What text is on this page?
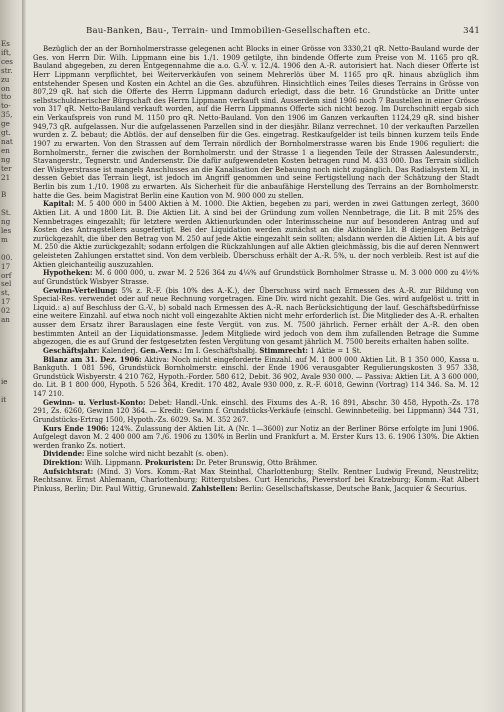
Es
ift,
ces
str.
zu
on
tto
to-
35,
ge
gt.
nat
en
ng
ter
21

B

St.
ng
les
m

00.
17
orf
sel
st,
17
02
an

ie

it

Bau-Banken, Bau-, Terrain- und Immobilien-Gesellschaften etc.	341

Bezüglich der an der Bornholmerstrasse gelegenen acht Blocks in einer Grösse von 3330,21 qR. Netto-Bauland wurde der Ges. von Herrn Dir. Wilh. Lippmann eine bis 1./1. 1909 getilgte, ihn bindende Offerte zum Preise von M. 1165 pro qR. Bauland abgegeben, zu deren Entgegennahme die a.o. G.-V. v. 12./4. 1906 den A.-R. autorisiert hat. Nach dieser Offerte ist Herr Lippmann verpflichtet, bei Weiterverkäufen von seinem Mehrerlös über M. 1165 pro qR. hinaus abzüglich ihm entstehender Spesen und Kosten ein Achtel an die Ges. abzuführen. Hinsichtlich eines Teiles dieses Terrains in Grösse von 807,29 qR. hat sich die Offerte des Herrn Lippmann dadurch erledigt, dass die betr. 16 Grundstücke an Dritte unter selbstschuldnerischer Bürgschaft des Herrn Lippmann verkauft sind. Ausserdem sind 1906 noch 7 Baustellen in einer Grösse von 317 qR. Netto-Bauland verkauft worden, auf die Herrn Lippmanns Offerte sich nicht bezog. Im Durchschnitt ergab sich ein Verkaufspreis von rund M. 1150 pro qR. Netto-Bauland. Von den 1906 im Ganzen verkauften 1124,29 qR. sind bisher 949,73 qR. aufgelassen. Nur die aufgelassenen Parzellen sind in der diesjähr. Bilanz verrechnet. 10 der verkauften Parzellen wurden z. Z. bebaut; die Abtlös. der auf denselben für die Ges. eingetrag. Restkaufgelder ist teils binnen kurzem teils Ende 1907 zu erwarten. Von den Strassen auf dem Terrain nördlich der Bornholmerstrasse waren bis Ende 1906 reguliert: die Bornholmerstr., ferner die zwischen der Bornholmerstr. und der Strasse 1 a liegenden Teile der Strassen Aalesunderstr., Stavangerstr., Tegnerstr. und Andersenstr. Die dafür aufgewendeten Kosten betragen rund M. 433 000. Das Terrain südlich der Wisbyerstrasse ist mangels Anschlusses an die Kanalisation der Bebauung noch nicht zugänglich. Das Radialsystem XI, in dessen Gebiet das Terrain liegt, ist jedoch im Angriff genommen und seine Fertigstellung nach der Schätzung der Stadt Berlin bis zum 1./10. 1908 zu erwarten. Als Sicherheit für die anbaufähige Herstellung des Terrains an der Bornholmerstr. hatte die Ges. beim Magistrat Berlin eine Kaution von M. 900 000 zu stellen.

Kapital: M. 5 400 000 in 5400 Aktien à M. 1000. Die Aktien, begeben zu pari, werden in zwei Gattungen zerlegt, 3600 Aktien Lit. A und 1800 Lit. B. Die Aktien Lit. A sind bei der Gründung zum vollen Nennbetrage, die Lit. B mit 25% des Nennbetrages eingezahlt; für letztere werden Aktienurkunden oder Interimsscheine nur auf besonderen Antrag und auf Kosten des Antragstellers ausgefertigt. Bei der Liquidation werden zunächst an die Aktionäre Lit. B diejenigen Beträge zurückgezahlt, die über den Betrag von M. 250 auf jede Aktie eingezahlt sein sollten; alsdann werden die Aktien Lit. A bis auf M. 250 die Aktie zurückgezahlt; sodann erfolgen die Rückzahlungen auf alle Aktien gleichmässig, bis die auf deren Nennwert geleisteten Zahlungen erstattet sind. Von dem verbleib. Überschuss erhält der A.-R. 5%, u. der noch verbleib. Rest ist auf die Aktien gleichanteilig auszuzahlen.

Hypotheken: M. 6 000 000, u. zwar M. 2 526 364 zu 4¼% auf Grundstück Bornholmer Strasse u. M. 3 000 000 zu 4½% auf Grundstück Wisbyer Strasse.

Gewinn-Verteilung: 5% z. R.-F. (bis 10% des A.-K.), der Überschuss wird nach Ermessen des A.-R. zur Bildung von Special-Res. verwendet oder auf neue Rechnung vorgetragen. Eine Div. wird nicht gezahlt. Die Ges. wird aufgelöst u. tritt in Liquid.: a) auf Beschluss der G.-V., b) sobald nach Ermessen des A.-R. nach Berücksichtigung der lauf. Geschäftsbedürfnisse eine weitere Einzahl. auf etwa noch nicht voll eingezahlte Aktien nicht mehr erforderlich ist. Die Mitglieder des A.-R. erhalten ausser dem Ersatz ihrer Barauslagen eine feste Vergüt. von zus. M. 7500 jährlich. Ferner erhält der A.-R. den oben bestimmten Anteil an der Liquidationsmasse. Jedem Mitgliede wird jedoch von dem ihm zufallenden Betrage die Summe abgezogen, die es auf Grund der festgesetzten festen Vergütung von gesamt jährlich M. 7500 bereits erhalten haben sollte.

Geschäftsjahr: Kalenderj. Gen.-Vers.: Im I. Geschäftshalbj. Stimmrecht: 1 Aktie = 1 St.

Bilanz am 31. Dez. 1906: Aktiva: Noch nicht eingeforderte Einzahl. auf M. 1 800 000 Aktien Lit. B 1 350 000, Kassa u. Bankguth. 1 081 596, Grundstück Bornholmerstr. einschl. der Ende 1906 verausgabter Regulierungskosten 3 957 338, Grundstück Wisbyerstr. 4 210 762, Hypoth.-Forder. 580 612, Debit. 36 902, Avale 930 000. — Passiva: Aktien Lit. A 3 600 000, do. Lit. B 1 800 000, Hypoth. 5 526 364, Kredit. 170 482, Avale 930 000, z. R.-F. 6018, Gewinn (Vortrag) 114 346. Sa. M. 12 147 210.

Gewinn- u. Verlust-Konto: Debet: Handl.-Unk. einschl. des Fixums des A.-R. 16 891, Abschr. 30 458, Hypoth.-Zs. 178 291, Zs. 6260, Gewinn 120 364. — Kredit: Gewinn f. Grundstücks-Verkäufe (einschl. Gewinnbeteilig. bei Lippmann) 344 731, Grundstücks-Ertrag 1500, Hypoth.-Zs. 6029. Sa. M. 352 267.

Kurs Ende 1906: 124%. Zulassung der Aktien Lit. A (Nr. 1—3600) zur Notiz an der Berliner Börse erfolgte im Juni 1906. Aufgelegt davon M. 2 400 000 am 7./6. 1906 zu 130% in Berlin und Frankfurt a. M. Erster Kurs 13. 6. 1906 130%. Die Aktien werden franko Zs. notiert.

Dividende: Eine solche wird nicht bezahlt (s. oben).

Direktion: Wilh. Lippmann. Prokuristen: Dr. Peter Brunswig, Otto Brähmer.

Aufsichtsrat: (Mind. 3) Vors. Komm.-Rat Max Steinthal, Charlottenburg; Stellv. Rentner Ludwig Freund, Neustrelitz; Rechtsanw. Ernst Ahlemann, Charlottenburg; Rittergutsbes. Curt Henrichs, Pieverstorf bei Kratzeburg; Komm.-Rat Albert Pinkuss, Berlin; Dir. Paul Wittig, Grunewald. Zahlstellen: Berlin: Gesellschaftskasse, Deutsche Bank, Jacquier & Securius.
